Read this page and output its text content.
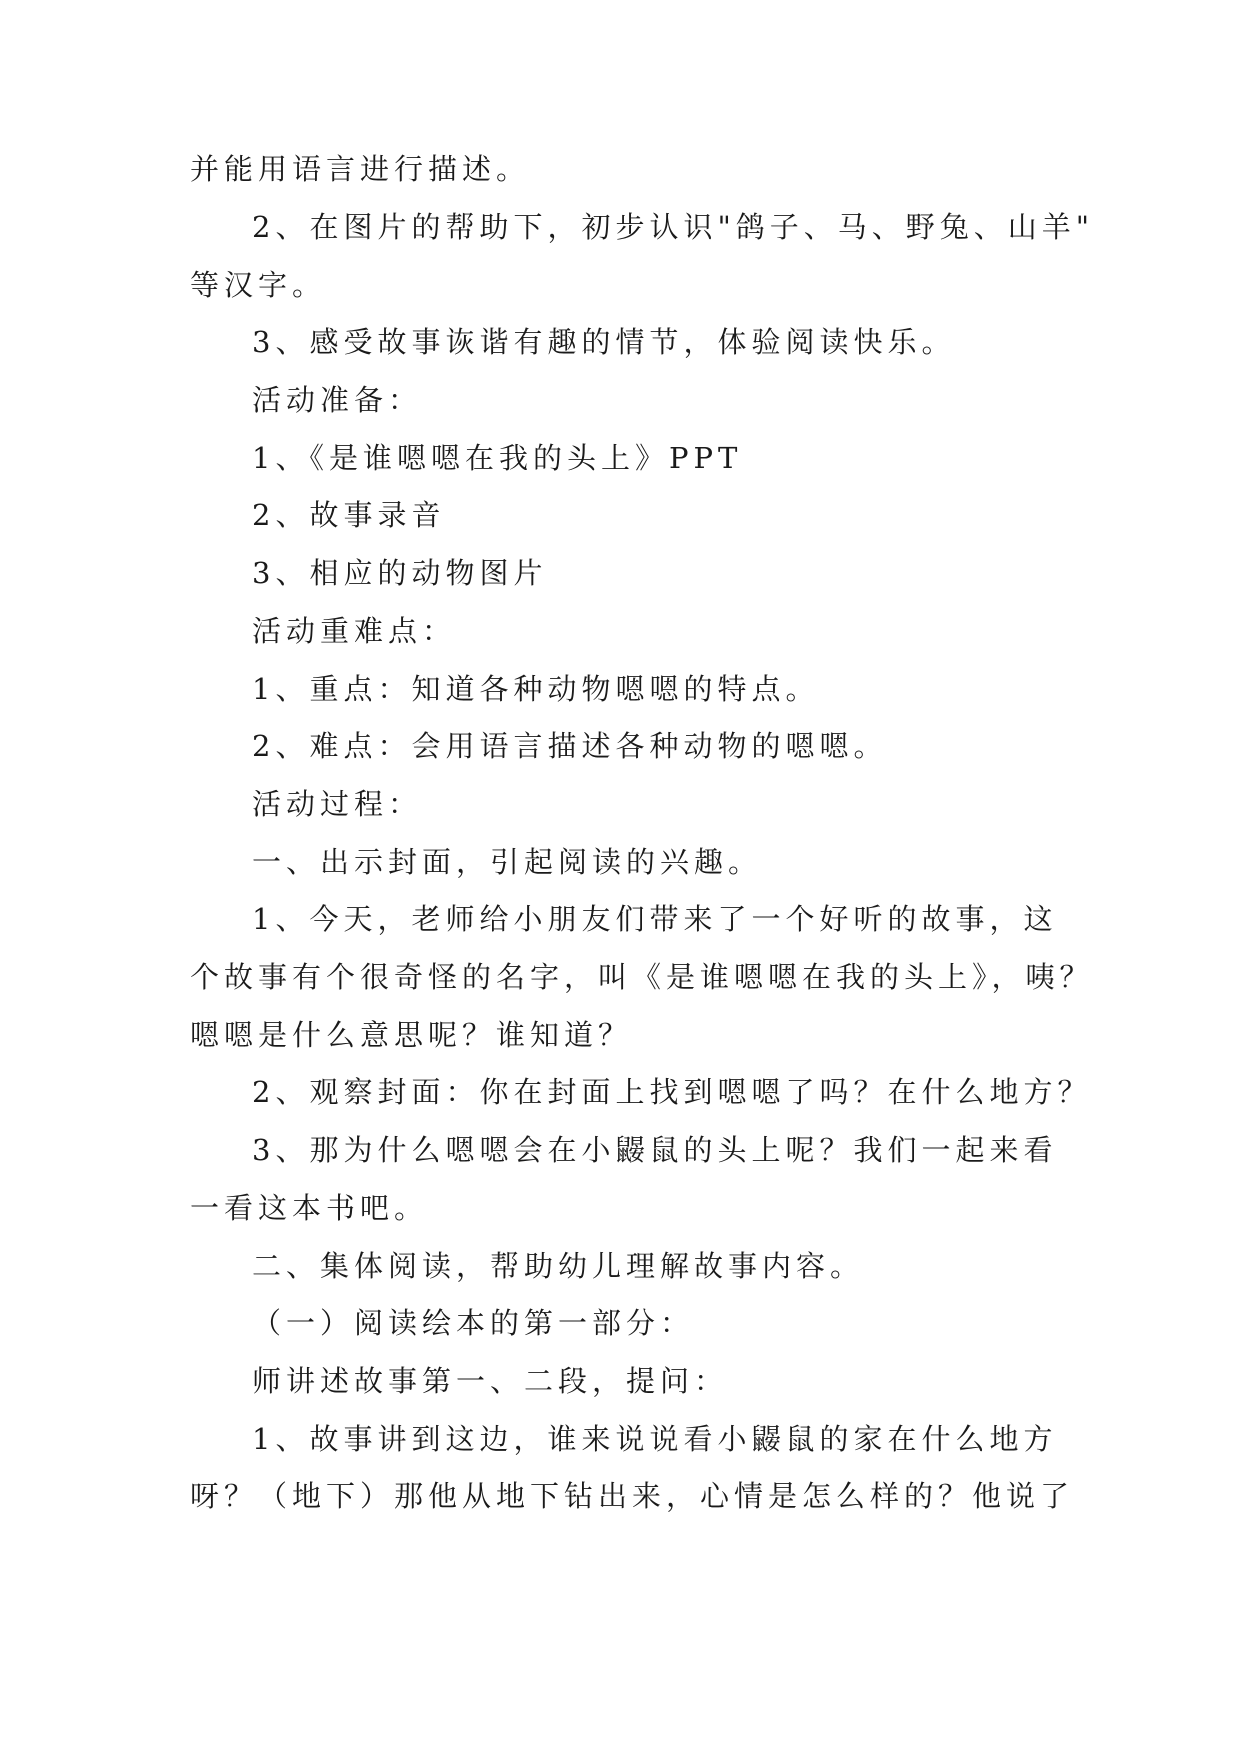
并能用语言进行描述。
2、在图片的帮助下，初步认识"鸽子、马、野兔、山羊"
等汉字。
3、感受故事诙谐有趣的情节，体验阅读快乐。
活动准备：
1、《是谁嗯嗯在我的头上》PPT
2、故事录音
3、相应的动物图片
活动重难点：
1、重点：知道各种动物嗯嗯的特点。
2、难点：会用语言描述各种动物的嗯嗯。
活动过程：
一、出示封面，引起阅读的兴趣。
1、今天，老师给小朋友们带来了一个好听的故事，这
个故事有个很奇怪的名字，叫《是谁嗯嗯在我的头上》，咦？
嗯嗯是什么意思呢？谁知道？
2、观察封面：你在封面上找到嗯嗯了吗？在什么地方？
3、那为什么嗯嗯会在小鼹鼠的头上呢？我们一起来看
一看这本书吧。
二、集体阅读，帮助幼儿理解故事内容。
（一）阅读绘本的第一部分：
师讲述故事第一、二段，提问：
1、故事讲到这边，谁来说说看小鼹鼠的家在什么地方
呀？（地下）那他从地下钻出来，心情是怎么样的？他说了
